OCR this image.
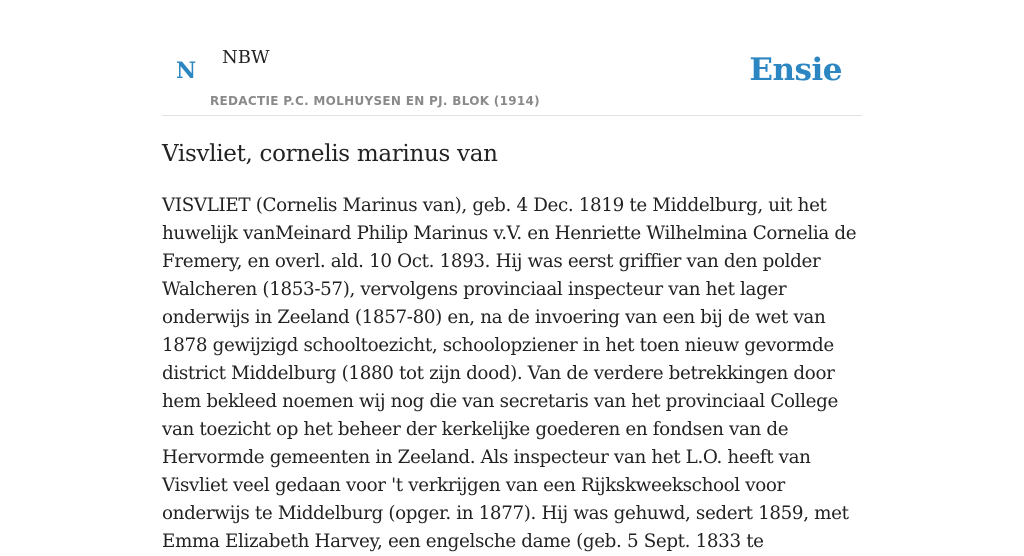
N
NBW
REDACTIE P.C. MOLHUYSEN EN PJ. BLOK (1914)
Ensie
Visvliet, cornelis marinus van

VISVLIET (Cornelis Marinus van), geb. 4 Dec. 1819 te Middelburg, uit het huwelijk vanMeinard Philip Marinus v.V. en Henriette Wilhelmina Cornelia de Fremery, en overl. ald. 10 Oct. 1893. Hij was eerst griffier van den polder Walcheren (1853-57), vervolgens provinciaal inspecteur van het lager onderwijs in Zeeland (1857-80) en, na de invoering van een bij de wet van 1878 gewijzigd schooltoezicht, schoolopziener in het toen nieuw gevormde district Middelburg (1880 tot zijn dood). Van de verdere betrekkingen door hem bekleed noemen wij nog die van secretaris van het provinciaal College van toezicht op het beheer der kerkelijke goederen en fondsen van de Hervormde gemeenten in Zeeland. Als inspecteur van het L.O. heeft van Visvliet veel gedaan voor 't verkrijgen van een Rijkskweekschool voor onderwijs te Middelburg (opger. in 1877). Hij was gehuwd, sedert 1859, met Emma Elizabeth Harvey, een engelsche dame (geb. 5 Sept. 1833 te
